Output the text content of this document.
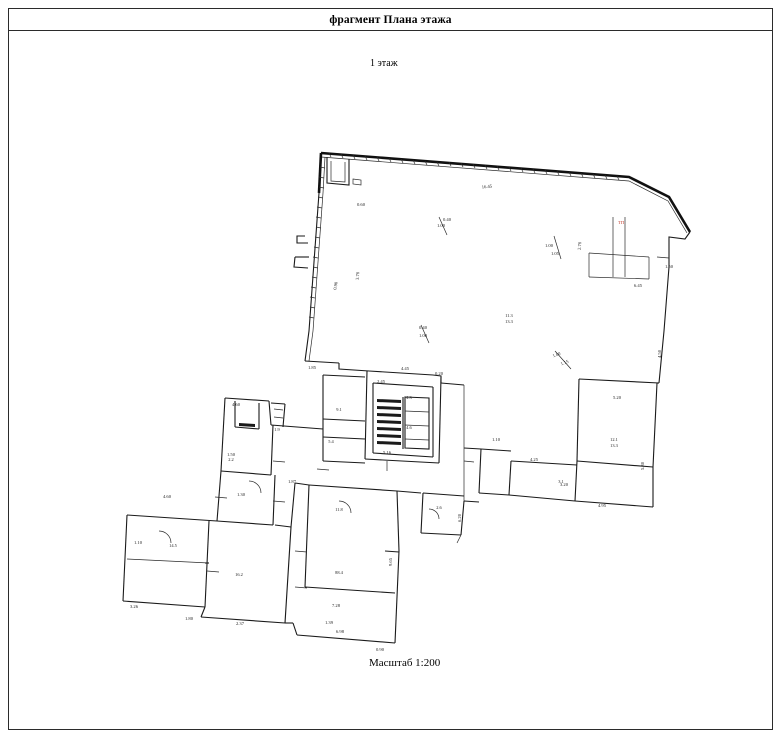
фрагмент Плана этажа
1 этаж
16.45
1.00
0.40
1.00
1.05
2.70
0.40
1.00
1.00
1.15
5.20
1.85	4.45
0.20
2.45
5.16
4.60
1.50
1.30
1.87
4.60
1.10
3.26
1.80
2.37
7.28
1.39
6.98
0.90
9.65
1.10
4.25
3.20
4.95
6.20
5.30
4.50
6.45
1.50
0.60
0.90
3.70
11.3
13.3
12.1
13.3
88.4
14.5
16.2
11.8
9.1
5.4
4.3
4.6
1.9
2.2
3.1
2.6
ТП
Масштаб 1:200
